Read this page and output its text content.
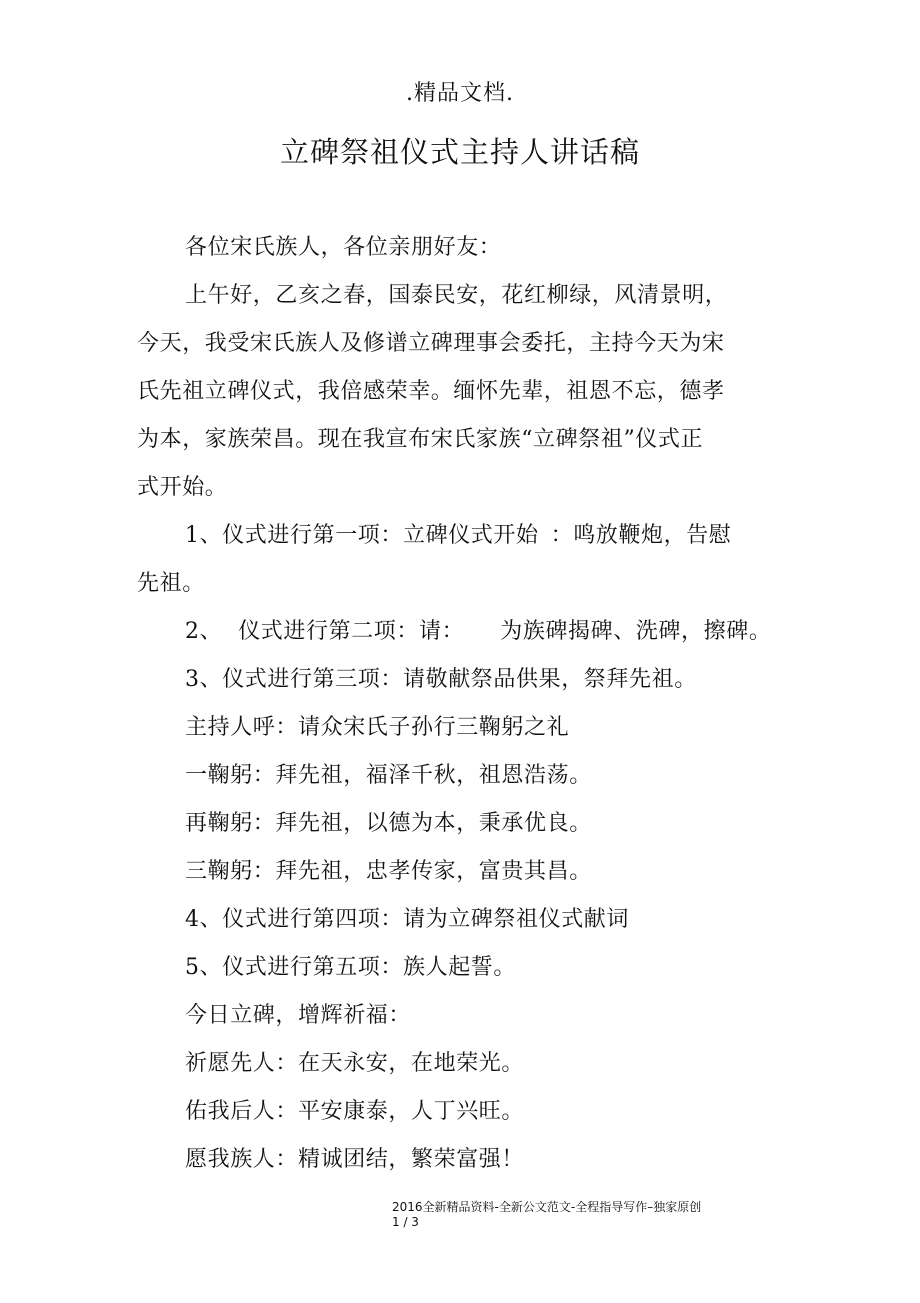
.精品文档.
立碑祭祖仪式主持人讲话稿
各位宋氏族人，各位亲朋好友：
上午好，乙亥之春，国泰民安，花红柳绿，风清景明，
今天，我受宋氏族人及修谱立碑理事会委托，主持今天为宋
氏先祖立碑仪式，我倍感荣幸。缅怀先辈，祖恩不忘，德孝
为本，家族荣昌。现在我宣布宋氏家族“立碑祭祖”仪式正
式开始。
1、仪式进行第一项：立碑仪式开始 ：鸣放鞭炮，告慰
先祖。
2、 仪式进行第二项：请： 为族碑揭碑、洗碑，擦碑。
3、仪式进行第三项：请敬献祭品供果，祭拜先祖。
主持人呼：请众宋氏子孙行三鞠躬之礼
一鞠躬：拜先祖，福泽千秋，祖恩浩荡。
再鞠躬：拜先祖，以德为本，秉承优良。
三鞠躬：拜先祖，忠孝传家，富贵其昌。
4、仪式进行第四项：请为立碑祭祖仪式献词
5、仪式进行第五项：族人起誓。
今日立碑，增辉祈福：
祈愿先人：在天永安，在地荣光。
佑我后人：平安康泰，人丁兴旺。
愿我族人：精诚团结，繁荣富强！
2016全新精品资料-全新公文范文-全程指导写作–独家原创
1 / 3
